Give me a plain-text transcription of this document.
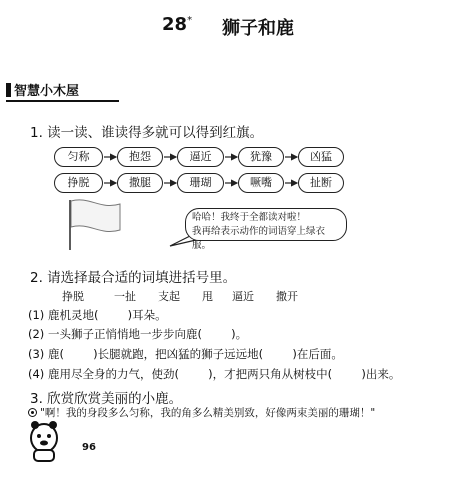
28* 狮子和鹿
智慧小木屋
1. 读一读、谁读得多就可以得到红旗。
匀称	抱怨	逼近	犹豫	凶猛
挣脱	撒腿	珊瑚	噘嘴	扯断
哈哈！我终于全都读对啦！
我再给表示动作的词语穿上绿衣服。
2. 请选择最合适的词填进括号里。
挣脱	一扯 支起 甩 逼近 撒开
(1) 鹿机灵地(        )耳朵。
(2) 一头狮子正悄悄地一步步向鹿(        )。
(3) 鹿(        )长腿就跑，把凶猛的狮子远远地(        )在后面。
(4) 鹿用尽全身的力气，使劲(        )，才把两只角从树枝中(        )出来。
3. 欣赏欣赏美丽的小鹿。
"啊！我的身段多么匀称，我的角多么精美别致，好像两束美丽的珊瑚！"
96
